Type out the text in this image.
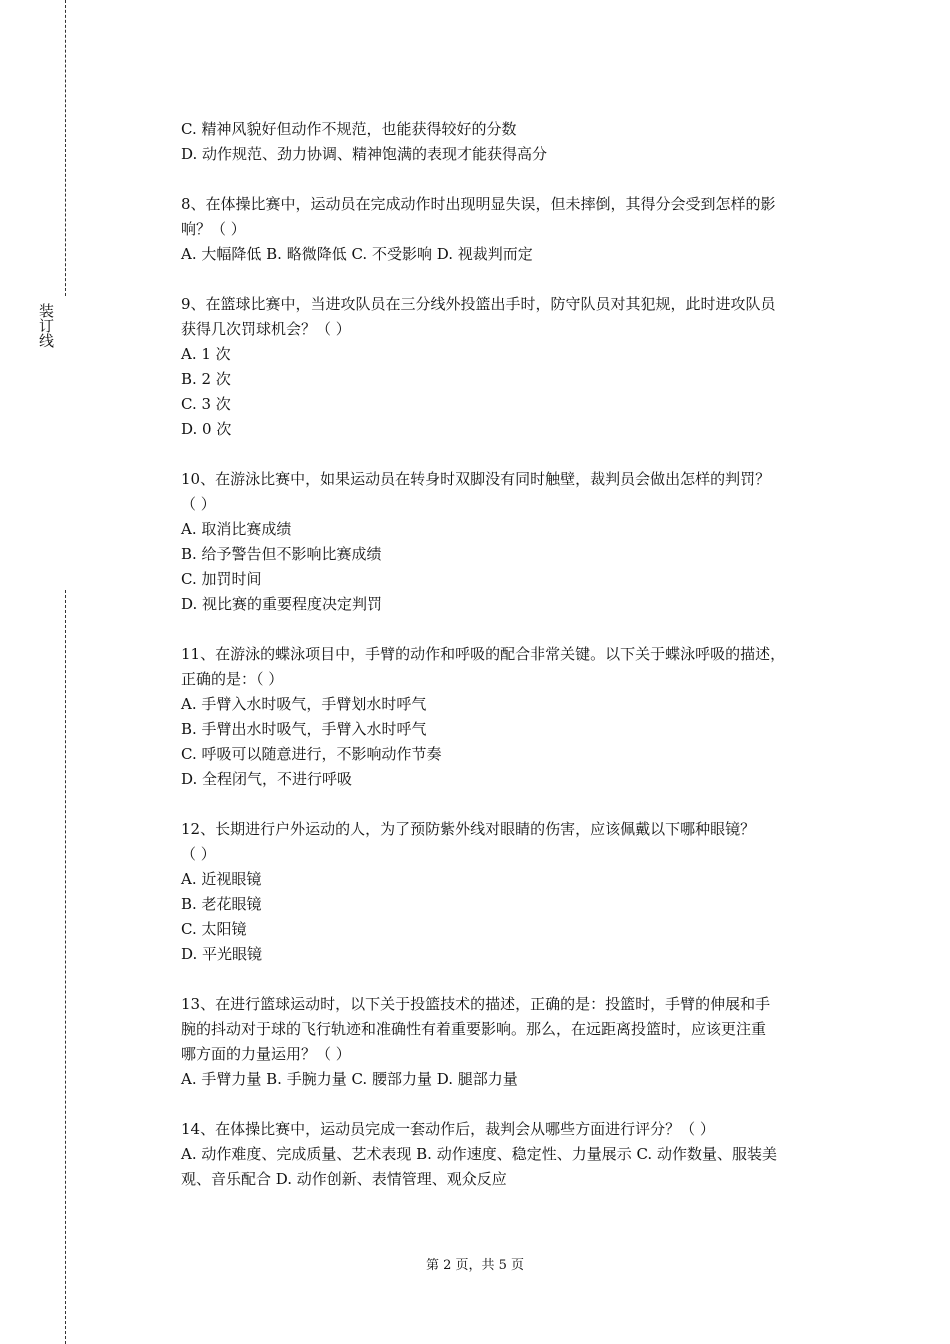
装订线
C. 精神风貌好但动作不规范，也能获得较好的分数
D. 动作规范、劲力协调、精神饱满的表现才能获得高分
8、在体操比赛中，运动员在完成动作时出现明显失误，但未摔倒，其得分会受到怎样的影
响？（ ）
A. 大幅降低 B. 略微降低 C. 不受影响 D. 视裁判而定
9、在篮球比赛中，当进攻队员在三分线外投篮出手时，防守队员对其犯规，此时进攻队员
获得几次罚球机会？（ ）
A. 1 次
B. 2 次
C. 3 次
D. 0 次
10、在游泳比赛中，如果运动员在转身时双脚没有同时触壁，裁判员会做出怎样的判罚？
（ ）
A. 取消比赛成绩
B. 给予警告但不影响比赛成绩
C. 加罚时间
D. 视比赛的重要程度决定判罚
11、在游泳的蝶泳项目中，手臂的动作和呼吸的配合非常关键。以下关于蝶泳呼吸的描述，
正确的是：（ ）
A. 手臂入水时吸气，手臂划水时呼气
B. 手臂出水时吸气，手臂入水时呼气
C. 呼吸可以随意进行，不影响动作节奏
D. 全程闭气，不进行呼吸
12、长期进行户外运动的人，为了预防紫外线对眼睛的伤害，应该佩戴以下哪种眼镜？
（ ）
A. 近视眼镜
B. 老花眼镜
C. 太阳镜
D. 平光眼镜
13、在进行篮球运动时，以下关于投篮技术的描述，正确的是：投篮时，手臂的伸展和手
腕的抖动对于球的飞行轨迹和准确性有着重要影响。那么，在远距离投篮时，应该更注重
哪方面的力量运用？（ ）
A. 手臂力量 B. 手腕力量 C. 腰部力量 D. 腿部力量
14、在体操比赛中，运动员完成一套动作后，裁判会从哪些方面进行评分？（ ）
A. 动作难度、完成质量、艺术表现 B. 动作速度、稳定性、力量展示 C. 动作数量、服装美
观、音乐配合 D. 动作创新、表情管理、观众反应
第 2 页，共 5 页
